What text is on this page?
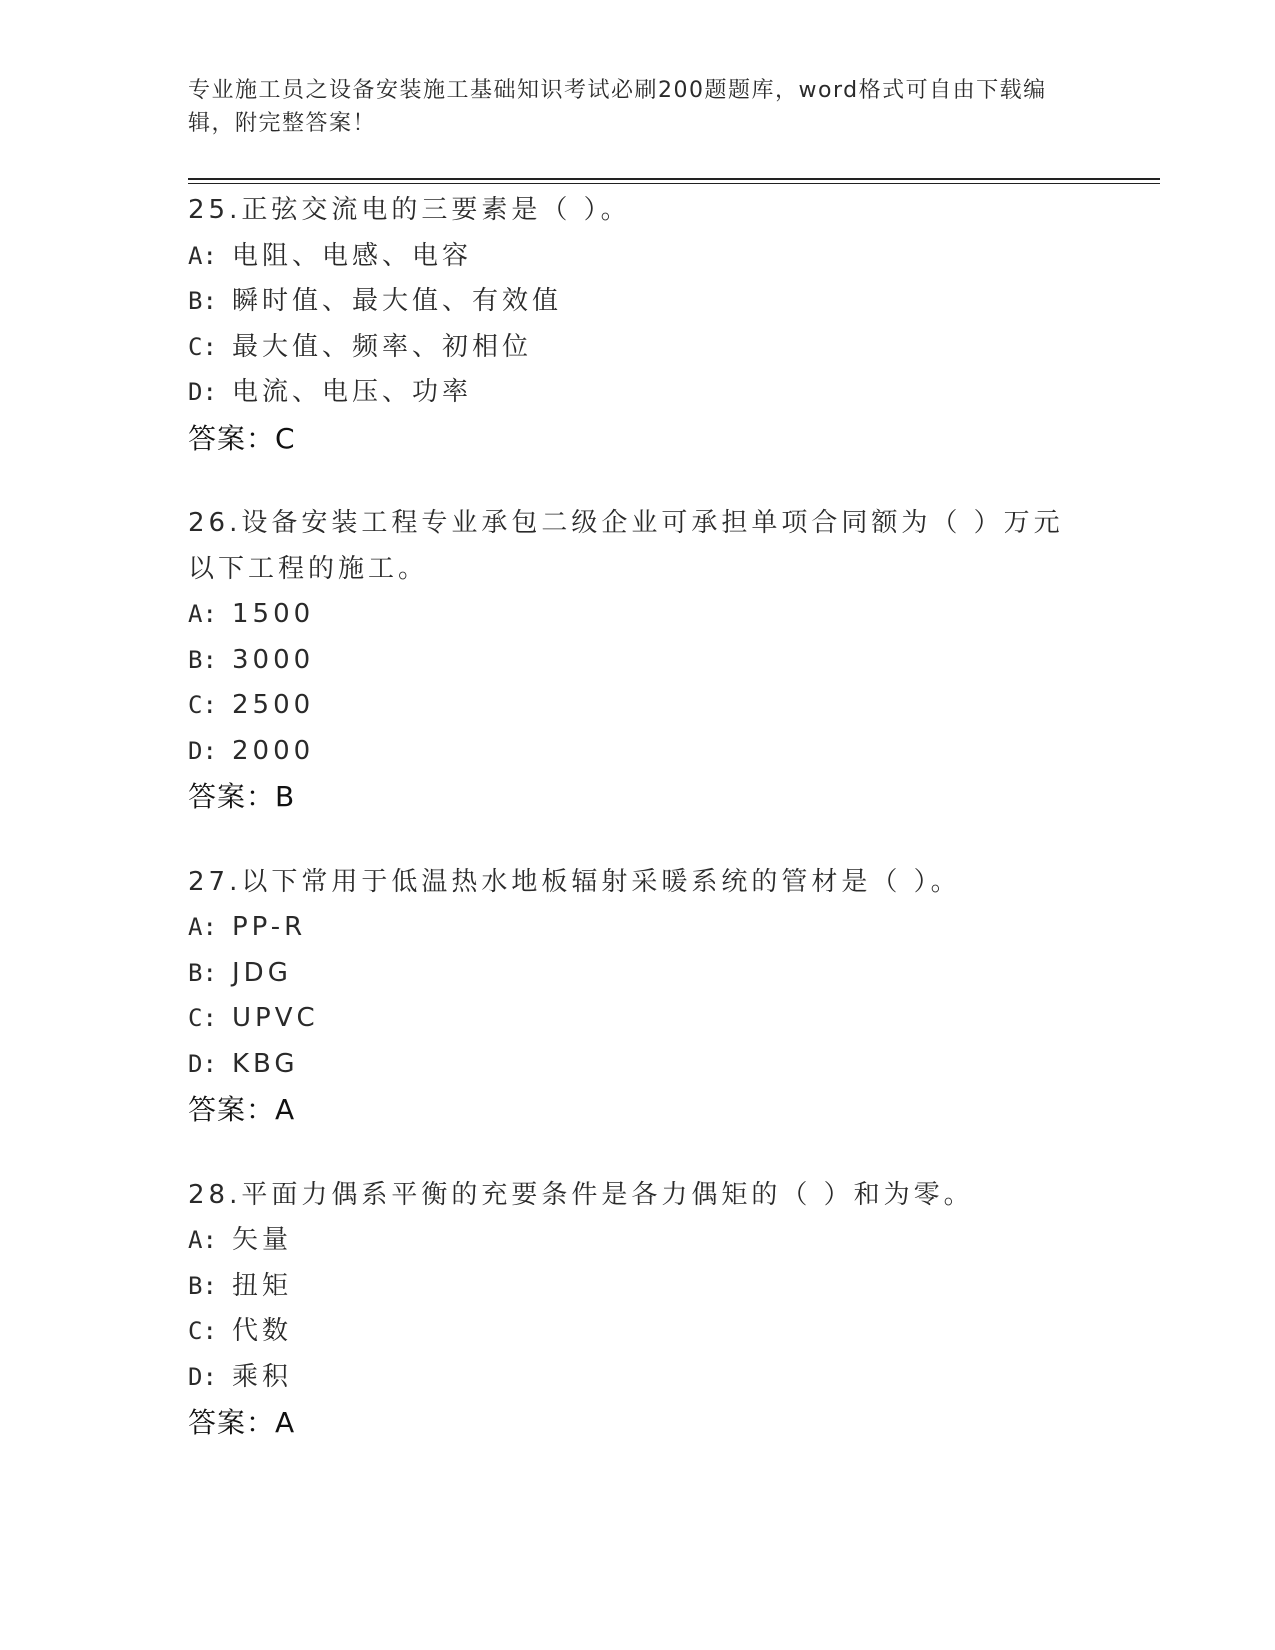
专业施工员之设备安装施工基础知识考试必刷200题题库，word格式可自由下载编辑，附完整答案！
25.正弦交流电的三要素是（ ）。
A: 电阻、电感、电容
B: 瞬时值、最大值、有效值
C: 最大值、频率、初相位
D: 电流、电压、功率
答案：C
26.设备安装工程专业承包二级企业可承担单项合同额为（ ）万元以下工程的施工。
A: 1500
B: 3000
C: 2500
D: 2000
答案：B
27.以下常用于低温热水地板辐射采暖系统的管材是（ ）。
A: PP-R
B: JDG
C: UPVC
D: KBG
答案：A
28.平面力偶系平衡的充要条件是各力偶矩的（ ）和为零。
A: 矢量
B: 扭矩
C: 代数
D: 乘积
答案：A
